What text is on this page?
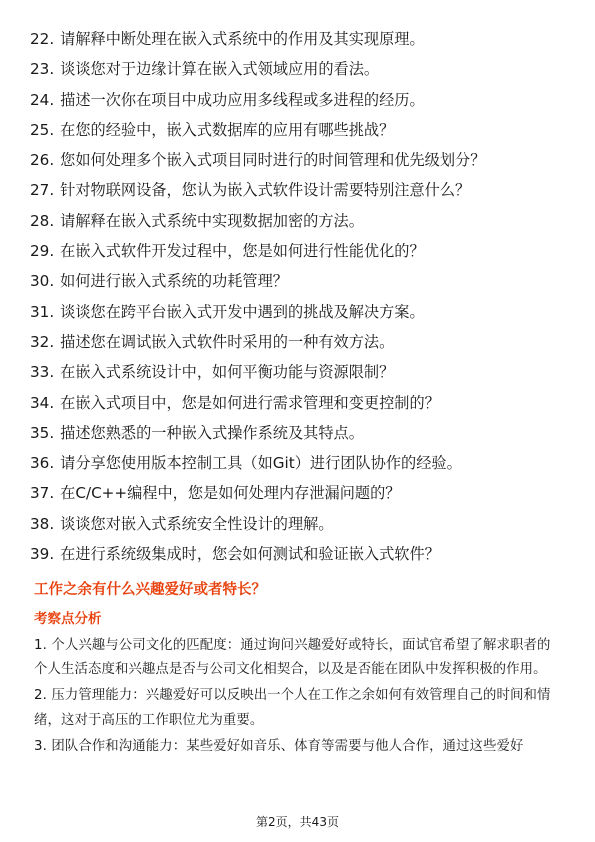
22. 请解释中断处理在嵌入式系统中的作用及其实现原理。
23. 谈谈您对于边缘计算在嵌入式领域应用的看法。
24. 描述一次你在项目中成功应用多线程或多进程的经历。
25. 在您的经验中，嵌入式数据库的应用有哪些挑战？
26. 您如何处理多个嵌入式项目同时进行的时间管理和优先级划分？
27. 针对物联网设备，您认为嵌入式软件设计需要特别注意什么？
28. 请解释在嵌入式系统中实现数据加密的方法。
29. 在嵌入式软件开发过程中，您是如何进行性能优化的？
30. 如何进行嵌入式系统的功耗管理？
31. 谈谈您在跨平台嵌入式开发中遇到的挑战及解决方案。
32. 描述您在调试嵌入式软件时采用的一种有效方法。
33. 在嵌入式系统设计中，如何平衡功能与资源限制？
34. 在嵌入式项目中，您是如何进行需求管理和变更控制的？
35. 描述您熟悉的一种嵌入式操作系统及其特点。
36. 请分享您使用版本控制工具（如Git）进行团队协作的经验。
37. 在C/C++编程中，您是如何处理内存泄漏问题的？
38. 谈谈您对嵌入式系统安全性设计的理解。
39. 在进行系统级集成时，您会如何测试和验证嵌入式软件？
工作之余有什么兴趣爱好或者特长？
考察点分析

1. 个人兴趣与公司文化的匹配度：通过询问兴趣爱好或特长，面试官希望了解求职者的个人生活态度和兴趣点是否与公司文化相契合，以及是否能在团队中发挥积极的作用。

2. 压力管理能力：兴趣爱好可以反映出一个人在工作之余如何有效管理自己的时间和情绪，这对于高压的工作职位尤为重要。

3. 团队合作和沟通能力：某些爱好如音乐、体育等需要与他人合作，通过这些爱好

第2页，共43页
